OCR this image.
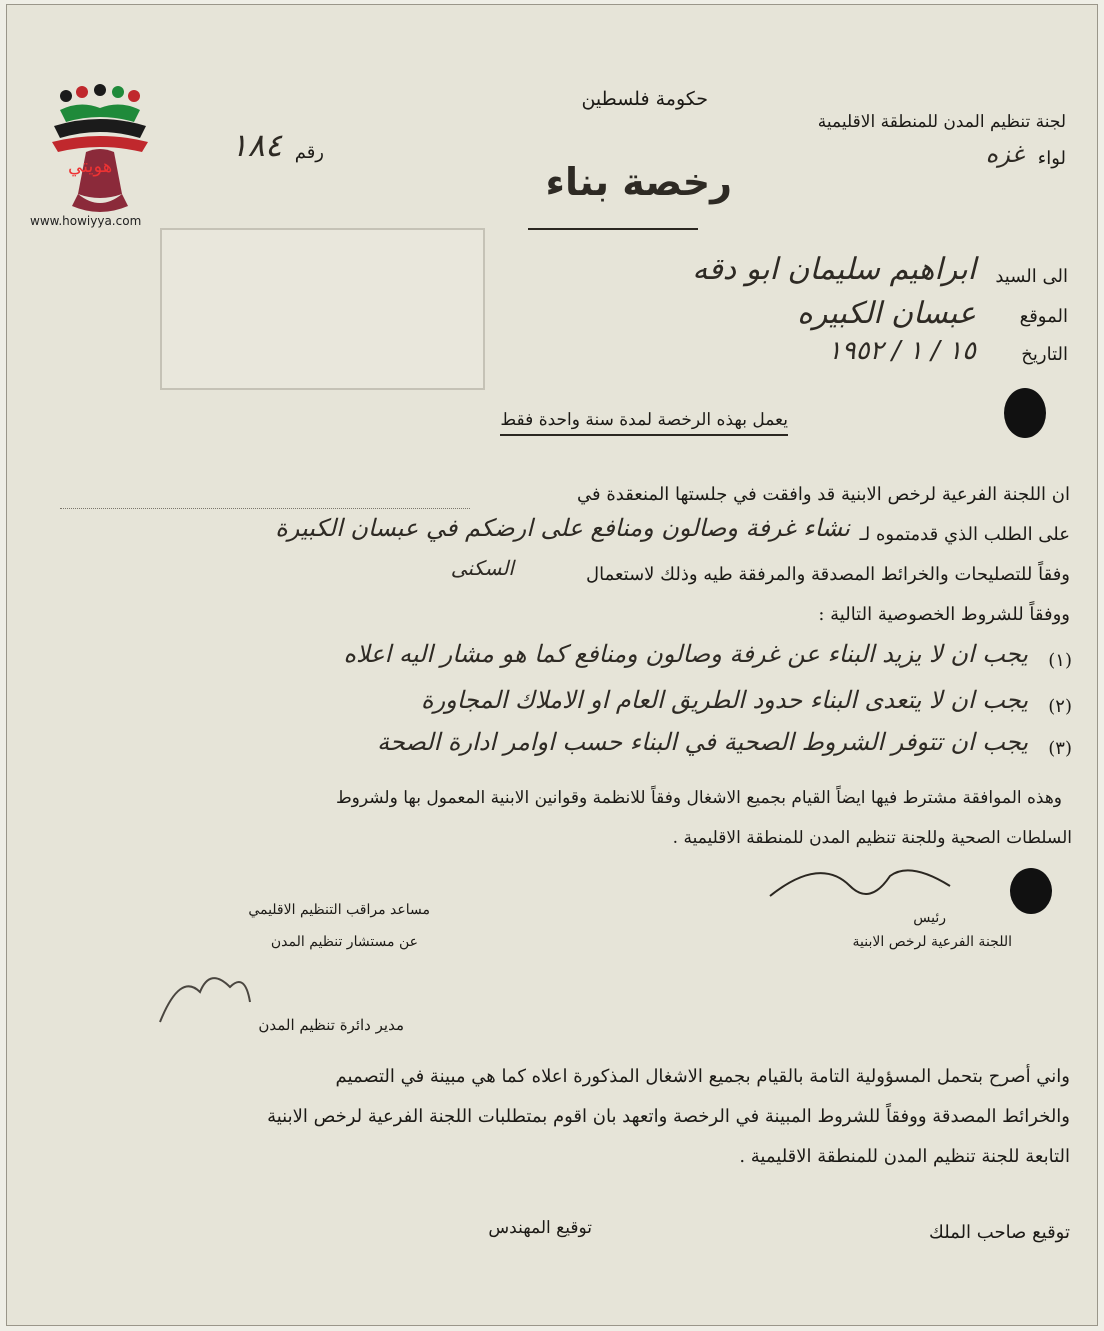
هويتي
www.howiyya.com
حكومة فلسطين
لجنة تنظيم المدن للمنطقة الاقليمية
لواء
غزه
رقم
١٨٤
رخصة بناء
الى السيد
ابراهيم سليمان ابو دقه
الموقع
عبسان الكبيره
التاريخ
١٥ / ١ / ١٩٥٢
يعمل بهذه الرخصة لمدة سنة واحدة فقط
ان اللجنة الفرعية لرخص الابنية قد وافقت في جلستها المنعقدة في
على الطلب الذي قدمتموه لـ
نشاء غرفة وصالون ومنافع على ارضكم في عبسان الكبيرة
وفقاً للتصليحات والخرائط المصدقة والمرفقة طيه وذلك لاستعمال
السكنى
ووفقاً للشروط الخصوصية التالية :
(١)
يجب ان لا يزيد البناء عن غرفة وصالون ومنافع كما هو مشار اليه اعلاه
(٢)
يجب ان لا يتعدى البناء حدود الطريق العام او الاملاك المجاورة
(٣)
يجب ان تتوفر الشروط الصحية في البناء حسب اوامر ادارة الصحة
وهذه الموافقة مشترط فيها ايضاً القيام بجميع الاشغال وفقاً للانظمة وقوانين الابنية المعمول بها ولشروط
السلطات الصحية وللجنة تنظيم المدن للمنطقة الاقليمية .
رئيس
اللجنة الفرعية لرخص الابنية
مساعد مراقب التنظيم الاقليمي
عن مستشار تنظيم المدن
مدير دائرة تنظيم المدن
واني أصرح بتحمل المسؤولية التامة بالقيام بجميع الاشغال المذكورة اعلاه كما هي مبينة في التصميم
والخرائط المصدقة ووفقاً للشروط المبينة في الرخصة واتعهد بان اقوم بمتطلبات اللجنة الفرعية لرخص الابنية
التابعة للجنة تنظيم المدن للمنطقة الاقليمية .
توقيع صاحب الملك
توقيع المهندس
